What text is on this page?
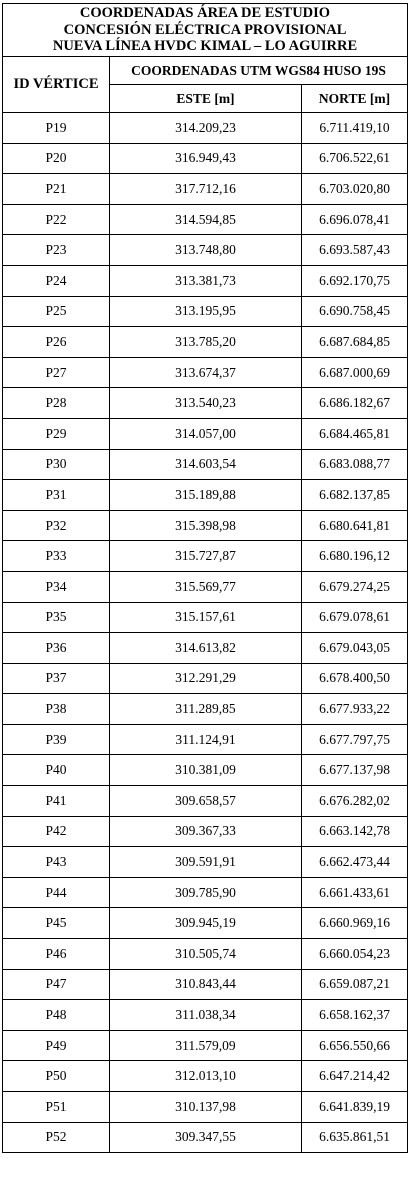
COORDENADAS ÁREA DE ESTUDIO
CONCESIÓN ELÉCTRICA PROVISIONAL
NUEVA LÍNEA HVDC KIMAL – LO AGUIRRE		

ID VÉRTICE	COORDENADAS UTM WGS84 HUSO 19S	
	ESTE [m]	NORTE [m]
P19	314.209,23	6.711.419,10
P20	316.949,43	6.706.522,61
P21	317.712,16	6.703.020,80
P22	314.594,85	6.696.078,41
P23	313.748,80	6.693.587,43
P24	313.381,73	6.692.170,75
P25	313.195,95	6.690.758,45
P26	313.785,20	6.687.684,85
P27	313.674,37	6.687.000,69
P28	313.540,23	6.686.182,67
P29	314.057,00	6.684.465,81
P30	314.603,54	6.683.088,77
P31	315.189,88	6.682.137,85
P32	315.398,98	6.680.641,81
P33	315.727,87	6.680.196,12
P34	315.569,77	6.679.274,25
P35	315.157,61	6.679.078,61
P36	314.613,82	6.679.043,05
P37	312.291,29	6.678.400,50
P38	311.289,85	6.677.933,22
P39	311.124,91	6.677.797,75
P40	310.381,09	6.677.137,98
P41	309.658,57	6.676.282,02
P42	309.367,33	6.663.142,78
P43	309.591,91	6.662.473,44
P44	309.785,90	6.661.433,61
P45	309.945,19	6.660.969,16
P46	310.505,74	6.660.054,23
P47	310.843,44	6.659.087,21
P48	311.038,34	6.658.162,37
P49	311.579,09	6.656.550,66
P50	312.013,10	6.647.214,42
P51	310.137,98	6.641.839,19
P52	309.347,55	6.635.861,51
